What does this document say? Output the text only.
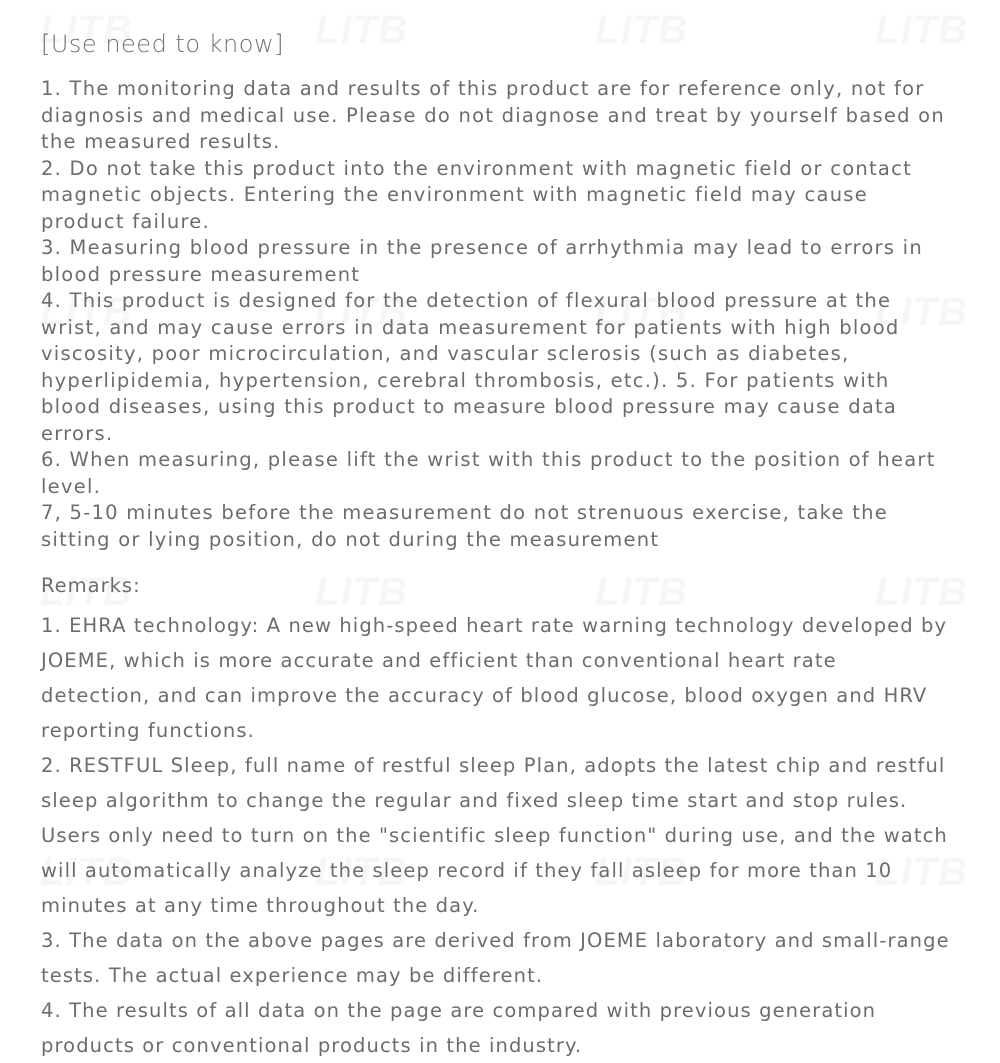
[Use need to know]
1. The monitoring data and results of this product are for reference only, not for diagnosis and medical use. Please do not diagnose and treat by yourself based on the measured results.
2. Do not take this product into the environment with magnetic field or contact magnetic objects. Entering the environment with magnetic field may cause product failure.
3. Measuring blood pressure in the presence of arrhythmia may lead to errors in blood pressure measurement
4. This product is designed for the detection of flexural blood pressure at the wrist, and may cause errors in data measurement for patients with high blood viscosity, poor microcirculation, and vascular sclerosis (such as diabetes, hyperlipidemia, hypertension, cerebral thrombosis, etc.). 5. For patients with blood diseases, using this product to measure blood pressure may cause data errors.
6. When measuring, please lift the wrist with this product to the position of heart level.
7, 5-10 minutes before the measurement do not strenuous exercise, take the sitting or lying position, do not during the measurement
Remarks:
1. EHRA technology: A new high-speed heart rate warning technology developed by JOEME, which is more accurate and efficient than conventional heart rate detection, and can improve the accuracy of blood glucose, blood oxygen and HRV reporting functions.
2. RESTFUL Sleep, full name of restful sleep Plan, adopts the latest chip and restful sleep algorithm to change the regular and fixed sleep time start and stop rules. Users only need to turn on the "scientific sleep function" during use, and the watch will automatically analyze the sleep record if they fall asleep for more than 10 minutes at any time throughout the day.
3. The data on the above pages are derived from JOEME laboratory and small-range tests. The actual experience may be different.
4. The results of all data on the page are compared with previous generation products or conventional products in the industry.
